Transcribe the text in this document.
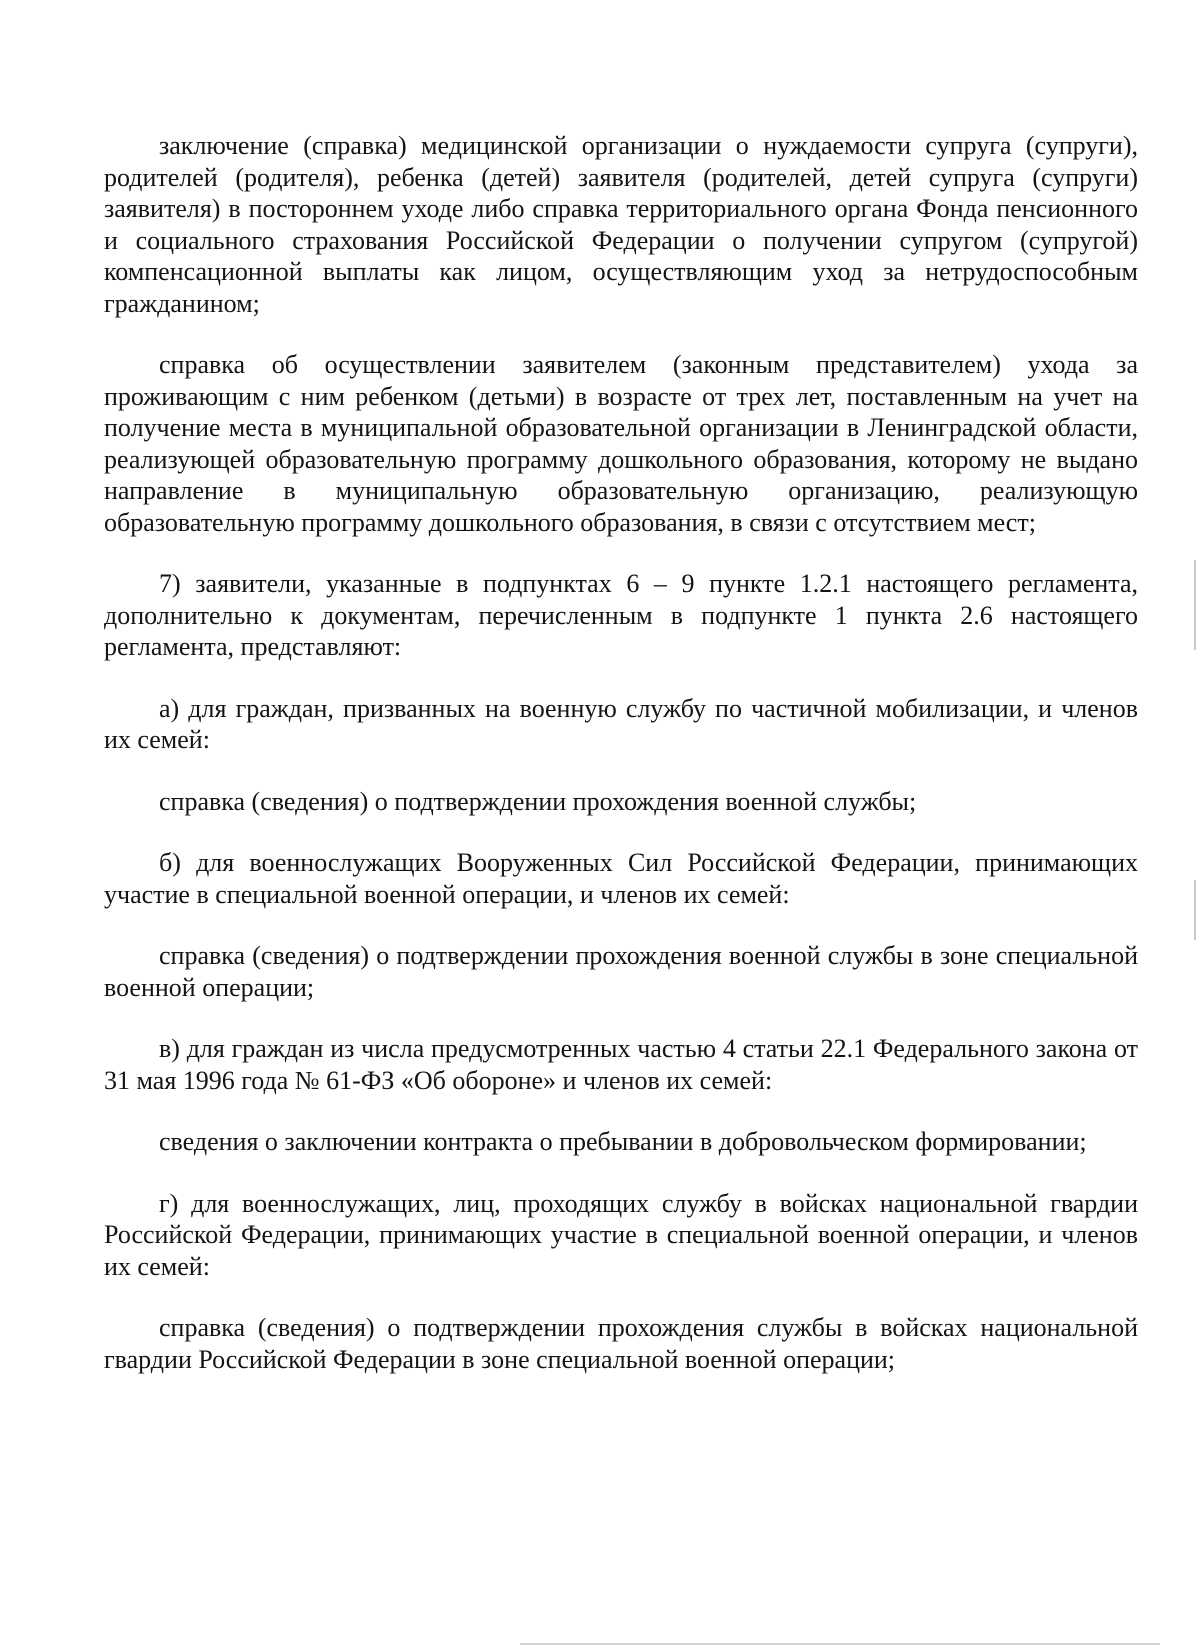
заключение (справка) медицинской организации о нуждаемости супруга (супруги), родителей (родителя), ребенка (детей) заявителя (родителей, детей супруга (супруги) заявителя) в постороннем уходе либо справка территориального органа Фонда пенсионного и социального страхования Российской Федерации о получении супругом (супругой) компенсационной выплаты как лицом, осуществляющим уход за нетрудоспособным гражданином;

справка об осуществлении заявителем (законным представителем) ухода за проживающим с ним ребенком (детьми) в возрасте от трех лет, поставленным на учет на получение места в муниципальной образовательной организации в Ленинградской области, реализующей образовательную программу дошкольного образования, которому не выдано направление в муниципальную образовательную организацию, реализующую образовательную программу дошкольного образования, в связи с отсутствием мест;

7) заявители, указанные в подпунктах 6 – 9 пункте 1.2.1 настоящего регламента, дополнительно к документам, перечисленным в подпункте 1 пункта 2.6 настоящего регламента, представляют:

а) для граждан, призванных на военную службу по частичной мобилизации, и членов их семей:

справка (сведения) о подтверждении прохождения военной службы;

б) для военнослужащих Вооруженных Сил Российской Федерации, принимающих участие в специальной военной операции, и членов их семей:

справка (сведения) о подтверждении прохождения военной службы в зоне специальной военной операции;

в) для граждан из числа предусмотренных частью 4 статьи 22.1 Федерального закона от 31 мая 1996 года № 61-ФЗ «Об обороне» и членов их семей:

сведения о заключении контракта о пребывании в добровольческом формировании;

г) для военнослужащих, лиц, проходящих службу в войсках национальной гвардии Российской Федерации, принимающих участие в специальной военной операции, и членов их семей:

справка (сведения) о подтверждении прохождения службы в войсках национальной гвардии Российской Федерации в зоне специальной военной операции;
